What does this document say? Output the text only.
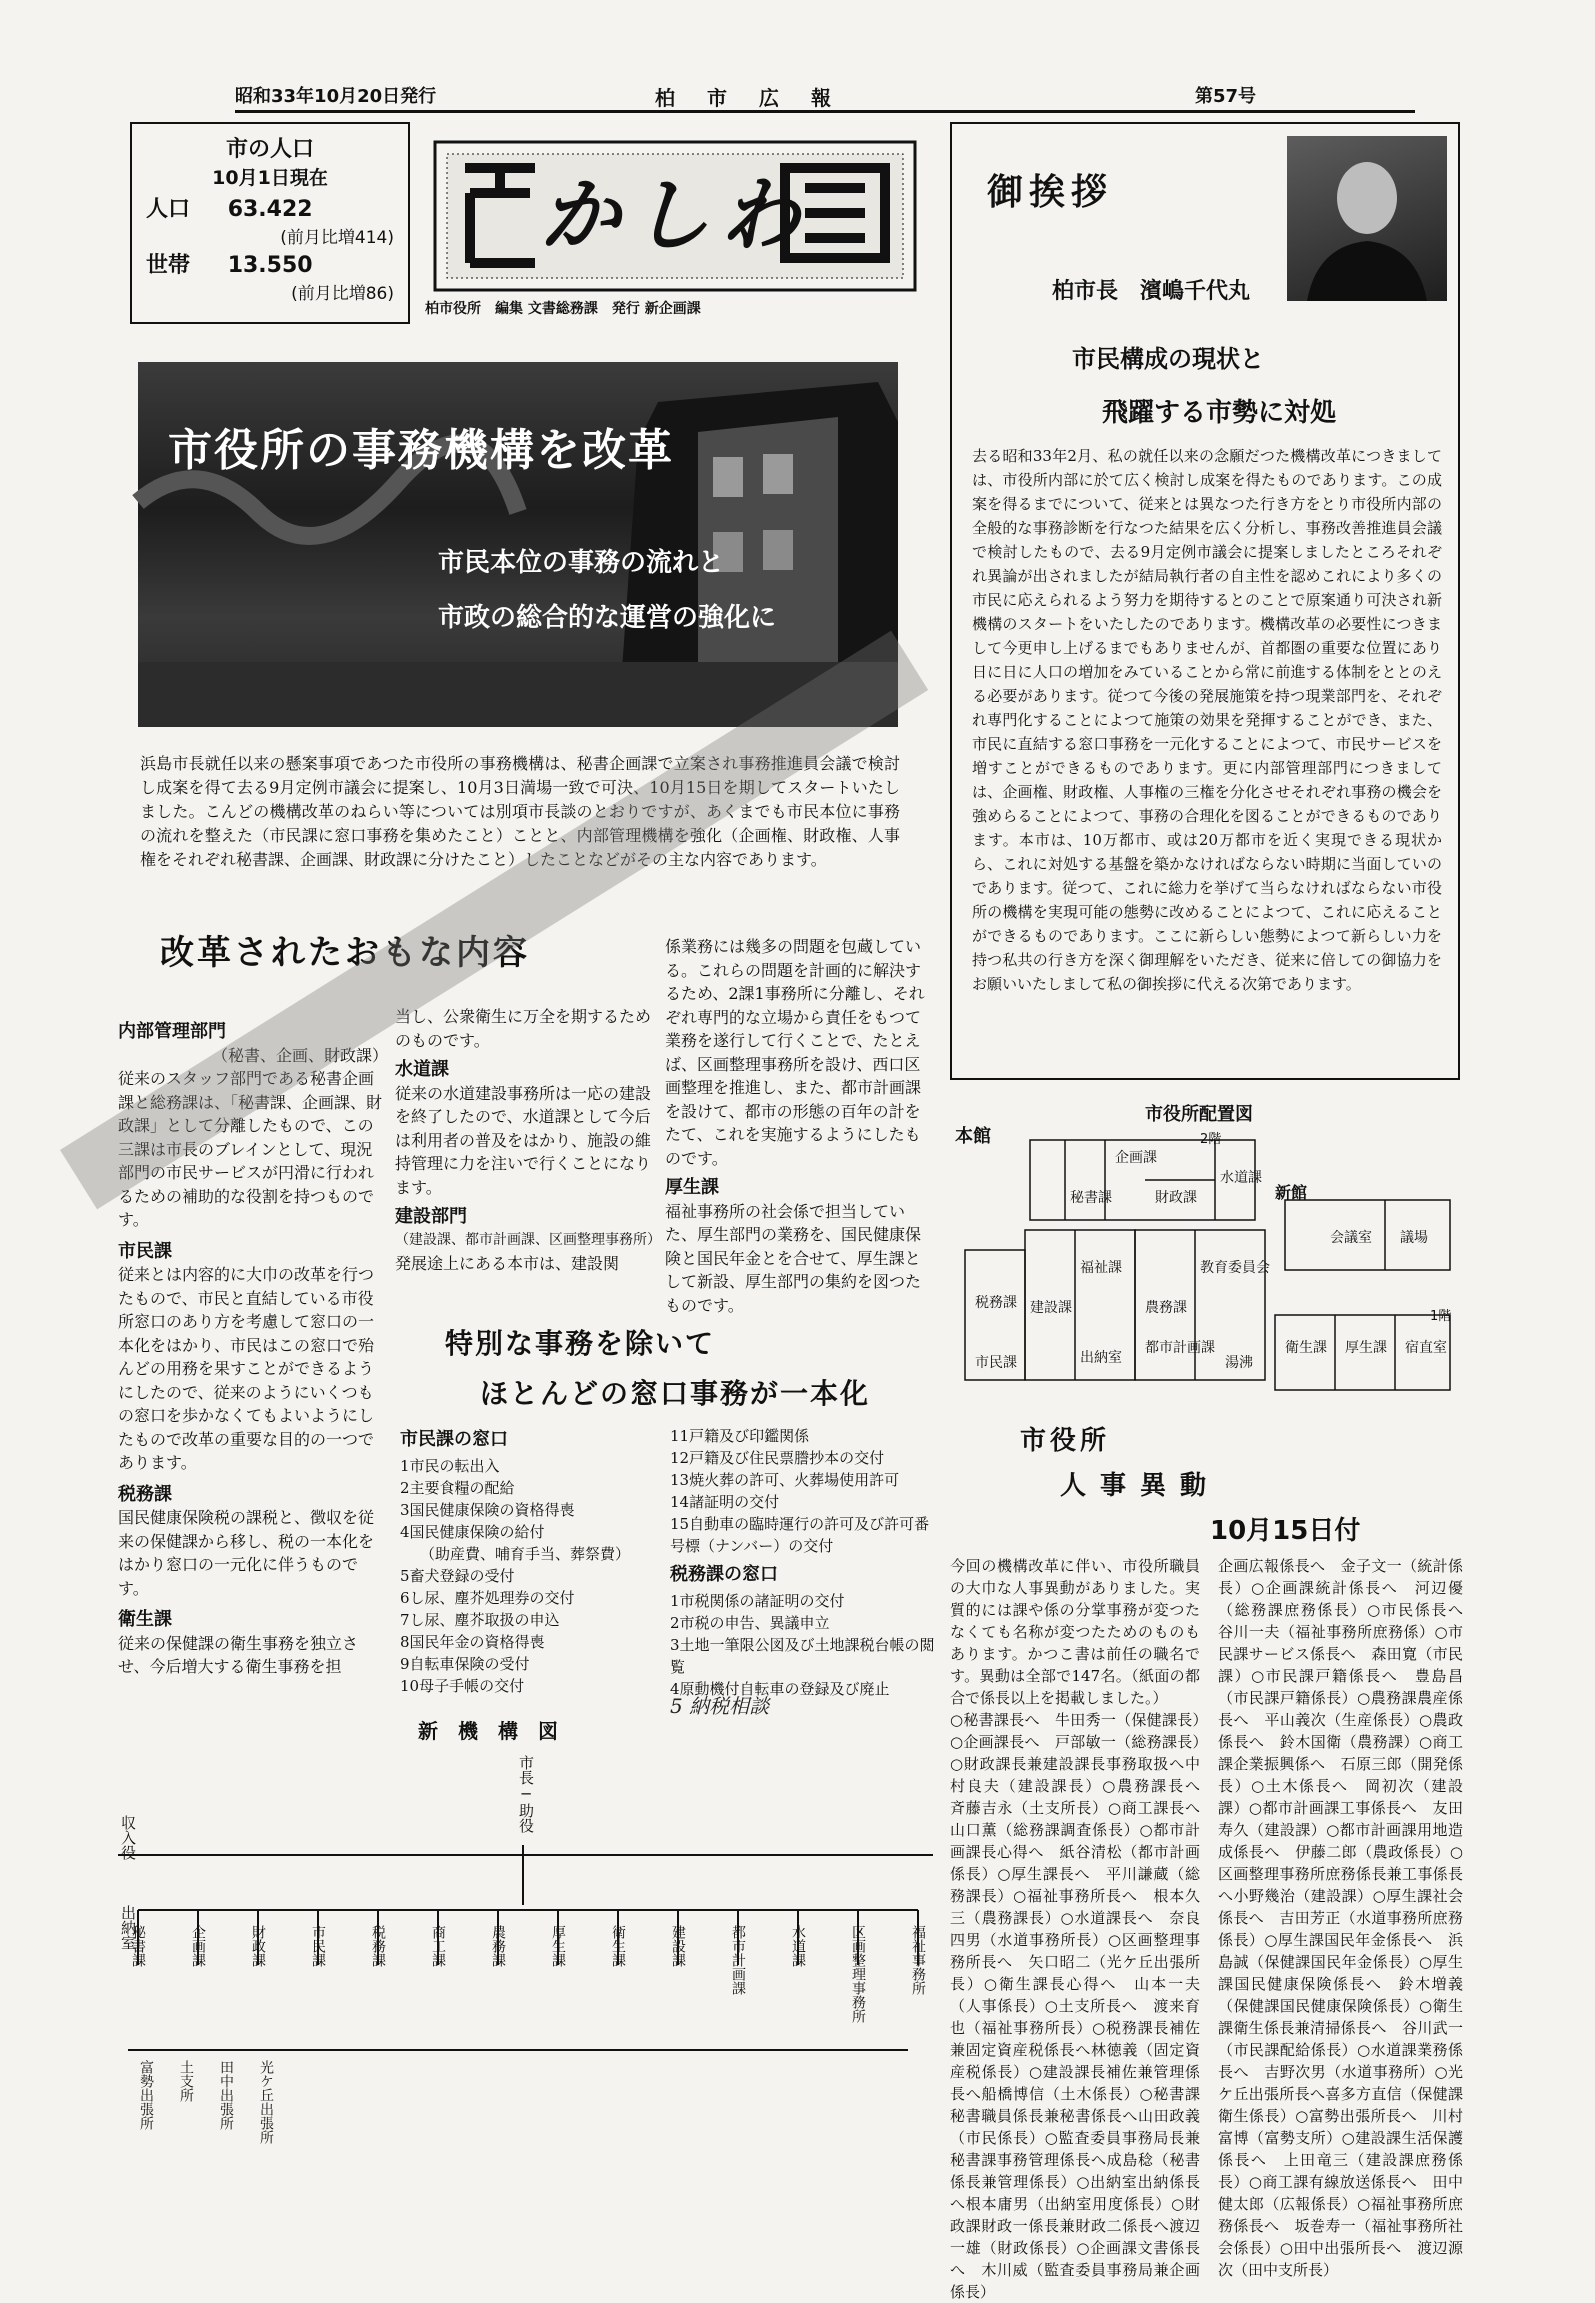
昭和33年10月20日発行	柏　市　広　報	第57号
市の人口
10月1日現在
人口 63.422
(前月比増414)
世帯 13.550
(前月比増86)
かしわ
柏市役所　編集 ⽂書総務課　発行 新企画課
市役所の事務機構を改革
市民本位の事務の流れと
市政の総合的な運営の強化に
浜島市長就任以来の懸案事項であつた市役所の事務機構は、秘書企画課で立案され事務推進員会議で検討し成案を得て去る9月定例市議会に提案し、10月3日満場一致で可決、10月15日を期してスタートいたしました。こんどの機構改革のねらい等については別項市長談のとおりですが、あくまでも市民本位に事務の流れを整えた（市民課に窓口事務を集めたこと）ことと、内部管理機構を強化（企画権、財政権、人事権をそれぞれ秘書課、企画課、財政課に分けたこと）したことなどがその主な内容であります。
御挨拶
柏市長　濱嶋千代丸
市民構成の現状と
飛躍する市勢に対処
去る昭和33年2月、私の就任以来の念願だつた機構改革につきましては、市役所内部に於て広く検討し成案を得たものであります。この成案を得るまでについて、従来とは異なつた行き方をとり市役所内部の全般的な事務診断を行なつた結果を広く分析し、事務改善推進員会議で検討したもので、去る9月定例市議会に提案しましたところそれぞれ異論が出されましたが結局執行者の自主性を認めこれにより多くの市民に応えられるよう努力を期待するとのことで原案通り可決され新機構のスタートをいたしたのであります。機構改革の必要性につきまして今更申し上げるまでもありませんが、首都圏の重要な位置にあり日に日に人口の増加をみていることから常に前進する体制をととのえる必要があります。従つて今後の発展施策を持つ現業部門を、それぞれ専門化することによつて施策の効果を発揮することができ、また、市民に直結する窓口事務を一元化することによつて、市民サービスを増すことができるものであります。更に内部管理部門につきましては、企画権、財政権、人事権の三権を分化させそれぞれ事務の機会を強めらることによつて、事務の合理化を図ることができるものであります。本市は、10万都市、或は20万都市を近く実現できる現状から、これに対処する基盤を築かなければならない時期に当面していのであります。従つて、これに総力を挙げて当らなければならない市役所の機構を実現可能の態勢に改めることによつて、これに応えることができるものであります。ここに新らしい態勢によつて新らしい力を持つ私共の行き方を深く御理解をいただき、従来に倍しての御協力をお願いいたしまして私の御挨拶に代える次第であります。
改革されたおもな内容
内部管理部門
（秘書、企画、財政課）
従来のスタッフ部門である秘書企画課と総務課は、「秘書課、企画課、財政課」として分離したもので、この三課は市長のブレインとして、現況部門の市民サービスが円滑に行われるための補助的な役割を持つものです。
市民課
従来とは内容的に大巾の改革を行つたもので、市民と直結している市役所窓口のあり方を考慮して窓口の一本化をはかり、市民はこの窓口で殆んどの用務を果すことができるようにしたので、従来のようにいくつもの窓口を歩かなくてもよいようにしたもので改革の重要な目的の一つであります。
税務課
国民健康保険税の課税と、徴収を従来の保健課から移し、税の一本化をはかり窓口の一元化に伴うものです。
衛生課
従来の保健課の衛生事務を独立させ、今后増大する衛生事務を担
当し、公衆衛生に万全を期するためのものです。
水道課
従来の水道建設事務所は一応の建設を終了したので、水道課として今后は利用者の普及をはかり、施設の維持管理に力を注いで行くことになります。
建設部門
（建設課、都市計画課、区画整理事務所）
発展途上にある本市は、建設関
係業務には幾多の問題を包蔵している。これらの問題を計画的に解決するため、2課1事務所に分離し、それぞれ専門的な立場から責任をもつて業務を遂行して行くことで、たとえば、区画整理事務所を設け、西口区画整理を推進し、また、都市計画課を設けて、都市の形態の百年の計をたて、これを実施するようにしたものです。
厚生課
福祉事務所の社会係で担当していた、厚生部門の業務を、国民健康保険と国民年金とを合せて、厚生課として新設、厚生部門の集約を図つたものです。
特別な事務を除いて
ほとんどの窓口事務が一本化
市民課の窓口
1市民の転出入
2主要食糧の配給
3国民健康保険の資格得喪
4国民健康保険の給付
（助産費、哺育手当、葬祭費）
5畜犬登録の受付
6し尿、塵芥処理券の交付
7し尿、塵芥取扱の申込
8国民年金の資格得喪
9自転車保険の受付
10母子手帳の交付
11戸籍及び印鑑関係
12戸籍及び住民票謄抄本の交付
13焼火葬の許可、火葬場使用許可
14諸証明の交付
15自動車の臨時運行の許可及び許可番号標（ナンバー）の交付
税務課の窓口
1市税関係の諸証明の交付
2市税の申告、異議申立
3土地一筆限公図及び土地課税台帳の閲覧
4原動機付自転車の登録及び廃止
5 納税相談
市役所配置図
本館
新館
2階
1階
企画課
秘書課	財政課
水道課
会議室
教育委員会
税務課
市民課
福祉課
農務課
建設課
都市計画課
出納室
厚生課
衛生課
議場
宿直室
湯沸
市役所
人事異動
10月15日付
今回の機構改革に伴い、市役所職員の大巾な人事異動がありました。実質的には課や係の分掌事務が変つたなくても名称が変つたためのものもあります。かつこ書は前任の職名です。異動は全部で147名。（紙面の都合で係長以上を掲載しました。）
○秘書課長へ　牛田秀一（保健課長）○企画課長へ　戸部敏一（総務課長）○財政課長兼建設課長事務取扱へ中村良夫（建設課長）○農務課長へ　斉藤吉永（土支所長）○商工課長へ　山口薫（総務課調査係長）○都市計画課長心得へ　紙谷清松（都市計画係長）○厚生課長へ　平川謙蔵（総務課長）○福祉事務所長へ　根本久三（農務課長）○水道課長へ　奈良四男（水道事務所長）○区画整理事務所長へ　矢口昭二（光ケ丘出張所長）○衛生課長心得へ　山本一夫（人事係長）○土支所長へ　渡来育也（福祉事務所長）○税務課長補佐兼固定資産税係長へ林徳義（固定資産税係長）○建設課長補佐兼管理係長へ船橋博信（土木係長）○秘書課秘書職員係長兼秘書係長へ山田政義（市民係長）○監査委員事務局長兼秘書課事務管理係長へ成島稔（秘書係長兼管理係長）○出納室出納係長へ根本庸男（出納室用度係長）○財政課財政一係長兼財政二係長へ渡辺一雄（財政係長）○企画課文書係長へ　木川威（監査委員事務局兼企画係長）
企画広報係長へ　金子文一（統計係長）○企画課統計係長へ　河辺優（総務課庶務係長）○市民係長へ　谷川一夫（福祉事務所庶務係）○市民課サービス係長へ　森田寛（市民課）○市民課戸籍係長へ　豊島昌（市民課戸籍係長）○農務課農産係長へ　平山義次（生産係長）○農政係長へ　鈴木国衛（農務課）○商工課企業振興係へ　石原三郎（開発係長）○土木係長へ　岡初次（建設課）○都市計画課工事係長へ　友田寿久（建設課）○都市計画課用地造成係長へ　伊藤二郎（農政係長）○区画整理事務所庶務係長兼工事係長へ小野幾治（建設課）○厚生課社会係長へ　吉田芳正（水道事務所庶務係長）○厚生課国民年金係長へ　浜島誠（保健課国民年金係長）○厚生課国民健康保険係長へ　鈴木増義（保健課国民健康保険係長）○衛生課衛生係長兼清掃係長へ　谷川武一（市民課配給係長）○水道課業務係長へ　吉野次男（水道事務所）○光ケ丘出張所長へ喜多方直信（保健課衛生係長）○富勢出張所長へ　川村富博（富勢支所）○建設課生活保護係長へ　上田竜三（建設課庶務係長）○商工課有線放送係長へ　田中健太郎（広報係長）○福祉事務所庶務係長へ　坂巻寿一（福祉事務所社会係長）○田中出張所長へ　渡辺源次（田中支所長）
新　機　構　図
市長─助役
収入役
出納室
秘書課	企画課	財政課	市民課	税務課	商工課	農務課	厚生課	衛生課	建設課	都市計画課	水道課	区画整理事務所	福祉事務所
富勢出張所 土支所 田中出張所 光ケ丘出張所
